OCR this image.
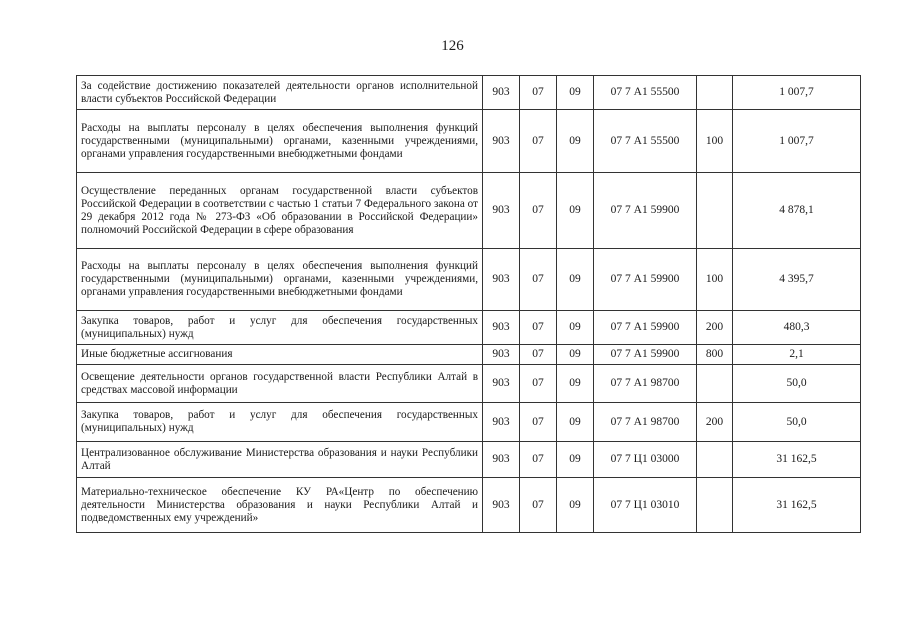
126
За содействие достижению показателей деятельности органов исполнительной власти субъектов Российской Федерации	903	07	09	07 7 А1 55500		1 007,7
Расходы на выплаты персоналу в целях обеспечения выполнения функций государственными (муниципальными) органами, казенными учреждениями, органами управления государственными внебюджетными фондами	903	07	09	07 7 А1 55500	100	1 007,7
Осуществление переданных органам государственной власти субъектов Российской Федерации в соответствии с частью 1 статьи 7 Федерального закона от 29 декабря 2012 года № 273-ФЗ «Об образовании в Российской Федерации» полномочий Российской Федерации в сфере образования	903	07	09	07 7 А1 59900		4 878,1
Расходы на выплаты персоналу в целях обеспечения выполнения функций государственными (муниципальными) органами, казенными учреждениями, органами управления государственными внебюджетными фондами	903	07	09	07 7 А1 59900	100	4 395,7
Закупка товаров, работ и услуг для обеспечения государственных (муниципальных) нужд	903	07	09	07 7 А1 59900	200	480,3
Иные бюджетные ассигнования	903	07	09	07 7 А1 59900	800	2,1
Освещение деятельности органов государственной власти Республики Алтай в средствах массовой информации	903	07	09	07 7 А1 98700		50,0
Закупка товаров, работ и услуг для обеспечения государственных (муниципальных) нужд	903	07	09	07 7 А1 98700	200	50,0
Централизованное обслуживание Министерства образования и науки Республики Алтай	903	07	09	07 7 Ц1 03000		31 162,5
Материально-техническое обеспечение КУ РА«Центр по обеспечению деятельности Министерства образования и науки Республики Алтай и подведомственных ему учреждений»	903	07	09	07 7 Ц1 03010		31 162,5
